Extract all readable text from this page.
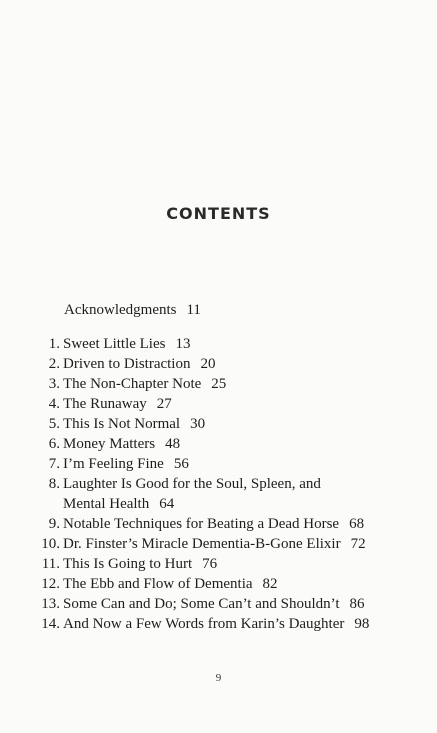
CONTENTS
Acknowledgments 11
1. Sweet Little Lies 13
2. Driven to Distraction 20
3. The Non-Chapter Note 25
4. The Runaway 27
5. This Is Not Normal 30
6. Money Matters 48
7. I’m Feeling Fine 56
8. Laughter Is Good for the Soul, Spleen, and Mental Health 64
9. Notable Techniques for Beating a Dead Horse 68
10. Dr. Finster’s Miracle Dementia-B-Gone Elixir 72
11. This Is Going to Hurt 76
12. The Ebb and Flow of Dementia 82
13. Some Can and Do; Some Can’t and Shouldn’t 86
14. And Now a Few Words from Karin’s Daughter 98
9
